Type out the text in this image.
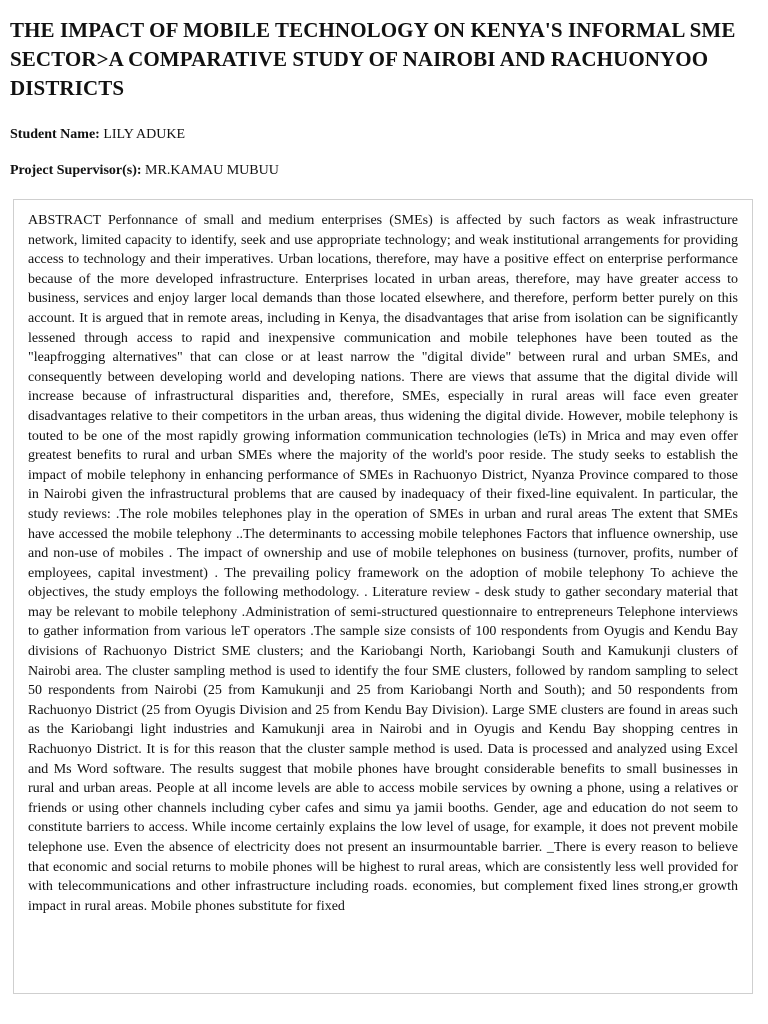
THE IMPACT OF MOBILE TECHNOLOGY ON KENYA'S INFORMAL SME SECTOR>A COMPARATIVE STUDY OF NAIROBI AND RACHUONYOO DISTRICTS

Student Name: LILY ADUKE

Project Supervisor(s): MR.KAMAU MUBUU

ABSTRACT Perfonnance of small and medium enterprises (SMEs) is affected by such factors as weak infrastructure network, limited capacity to identify, seek and use appropriate technology; and weak institutional arrangements for providing access to technology and their imperatives. Urban locations, therefore, may have a positive effect on enterprise performance because of the more developed infrastructure. Enterprises located in urban areas, therefore, may have greater access to business, services and enjoy larger local demands than those located elsewhere, and therefore, perform better purely on this account. It is argued that in remote areas, including in Kenya, the disadvantages that arise from isolation can be significantly lessened through access to rapid and inexpensive communication and mobile telephones have been touted as the "leapfrogging alternatives" that can close or at least narrow the "digital divide" between rural and urban SMEs, and consequently between developing world and developing nations. There are views that assume that the digital divide will increase because of infrastructural disparities and, therefore, SMEs, especially in rural areas will face even greater disadvantages relative to their competitors in the urban areas, thus widening the digital divide. However, mobile telephony is touted to be one of the most rapidly growing information communication technologies (leTs) in Mrica and may even offer greatest benefits to rural and urban SMEs where the majority of the world's poor reside. The study seeks to establish the impact of mobile telephony in enhancing performance of SMEs in Rachuonyo District, Nyanza Province compared to those in Nairobi given the infrastructural problems that are caused by inadequacy of their fixed-line equivalent. In particular, the study reviews: .The role mobiles telephones play in the operation of SMEs in urban and rural areas The extent that SMEs have accessed the mobile telephony ..The determinants to accessing mobile telephones Factors that influence ownership, use and non-use of mobiles . The impact of ownership and use of mobile telephones on business (turnover, profits, number of employees, capital investment) . The prevailing policy framework on the adoption of mobile telephony To achieve the objectives, the study employs the following methodology. . Literature review - desk study to gather secondary material that may be relevant to mobile telephony .Administration of semi-structured questionnaire to entrepreneurs Telephone interviews to gather information from various leT operators .The sample size consists of 100 respondents from Oyugis and Kendu Bay divisions of Rachuonyo District SME clusters; and the Kariobangi North, Kariobangi South and Kamukunji clusters of Nairobi area. The cluster sampling method is used to identify the four SME clusters, followed by random sampling to select 50 respondents from Nairobi (25 from Kamukunji and 25 from Kariobangi North and South); and 50 respondents from Rachuonyo District (25 from Oyugis Division and 25 from Kendu Bay Division). Large SME clusters are found in areas such as the Kariobangi light industries and Kamukunji area in Nairobi and in Oyugis and Kendu Bay shopping centres in Rachuonyo District. It is for this reason that the cluster sample method is used. Data is processed and analyzed using Excel and Ms Word software. The results suggest that mobile phones have brought considerable benefits to small businesses in rural and urban areas. People at all income levels are able to access mobile services by owning a phone, using a relatives or friends or using other channels including cyber cafes and simu ya jamii booths. Gender, age and education do not seem to constitute barriers to access. While income certainly explains the low level of usage, for example, it does not prevent mobile telephone use. Even the absence of electricity does not present an insurmountable barrier. _There is every reason to believe that economic and social returns to mobile phones will be highest to rural areas, which are consistently less well provided for with telecommunications and other infrastructure including roads. economies, but complement fixed lines strong,er growth impact in rural areas. Mobile phones substitute for fixed
